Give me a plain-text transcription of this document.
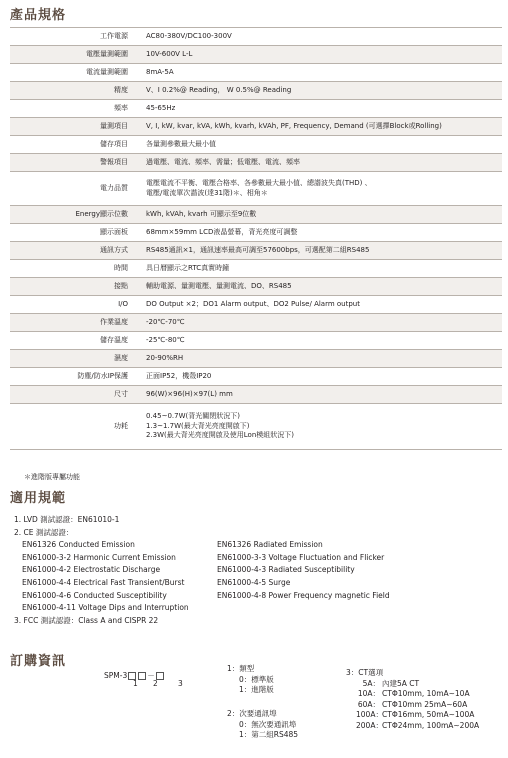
產品規格
工作電源	AC80-380V/DC100-300V
電壓量測範圍	10V-600V L-L
電流量測範圍	8mA-5A
精度	V、I 0.2%@ Reading， W 0.5%@ Reading
頻率	45-65Hz
量測項目	V, I, kW, kvar, kVA, kWh, kvarh, kVAh, PF, Frequency, Demand (可選擇Block或Rolling)
儲存項目	各量測參數最大最小值
警報項目	過電壓、電流、頻率、需量；低電壓、電流、頻率
電力品質	電壓電流不平衡、電壓合格率、各參數最大最小值、總諧波失真(THD) 、
電壓/電流單次諧波(達31階)＊、相角＊

Energy顯示位數	kWh, kVAh, kvarh 可顯示至9位數
顯示面板	68mm×59mm LCD液晶螢幕，背光亮度可調整
通訊方式	RS485通訊×1，通訊速率最高可調至57600bps，可選配第二組RS485
時間	具日曆顯示之RTC真實時鐘
接點	輔助電源、量測電壓、量測電流、DO、RS485
I/O	DO Output ×2；DO1 Alarm output、DO2 Pulse/ Alarm output
作業溫度	-20℃-70℃
儲存溫度	-25℃-80℃
濕度	20-90%RH
防塵/防水IP保護	正面IP52，機殼IP20
尺寸	96(W)×96(H)×97(L) mm
功耗	0.45~0.7W(背光關閉狀況下)
1.3~1.7W(最大背光亮度開啟下)
2.3W(最大背光亮度開啟及使用Lon模組狀況下)
＊進階版專屬功能
適用規範
1. LVD 測試認證：EN61010-1
2. CE 測試認證：
EN61326 Conducted Emission	EN61326 Radiated Emission
EN61000-3-2 Harmonic Current Emission	EN61000-3-3 Voltage Fluctuation and Flicker
EN61000-4-2 Electrostatic Discharge	EN61000-4-3 Radiated Susceptibility
EN61000-4-4 Electrical Fast Transient/Burst	EN61000-4-5 Surge
EN61000-4-6 Conducted Susceptibility	EN61000-4-8 Power Frequency magnetic Field
EN61000-4-11 Voltage Dips and Interruption
3. FCC 測試認證：Class A and CISPR 22
訂購資訊
SPM-3	－
1 2	3
1：類型
0：標準版
1：進階版
2：次要通訊埠
0：無次要通訊埠
1：第二組RS485
3：CT選項
5A： 內建5A CT
10A： CTΦ10mm, 10mA~10A
60A： CTΦ10mm 25mA~60A
100A： CTΦ16mm, 50mA~100A
200A： CTΦ24mm, 100mA~200A
